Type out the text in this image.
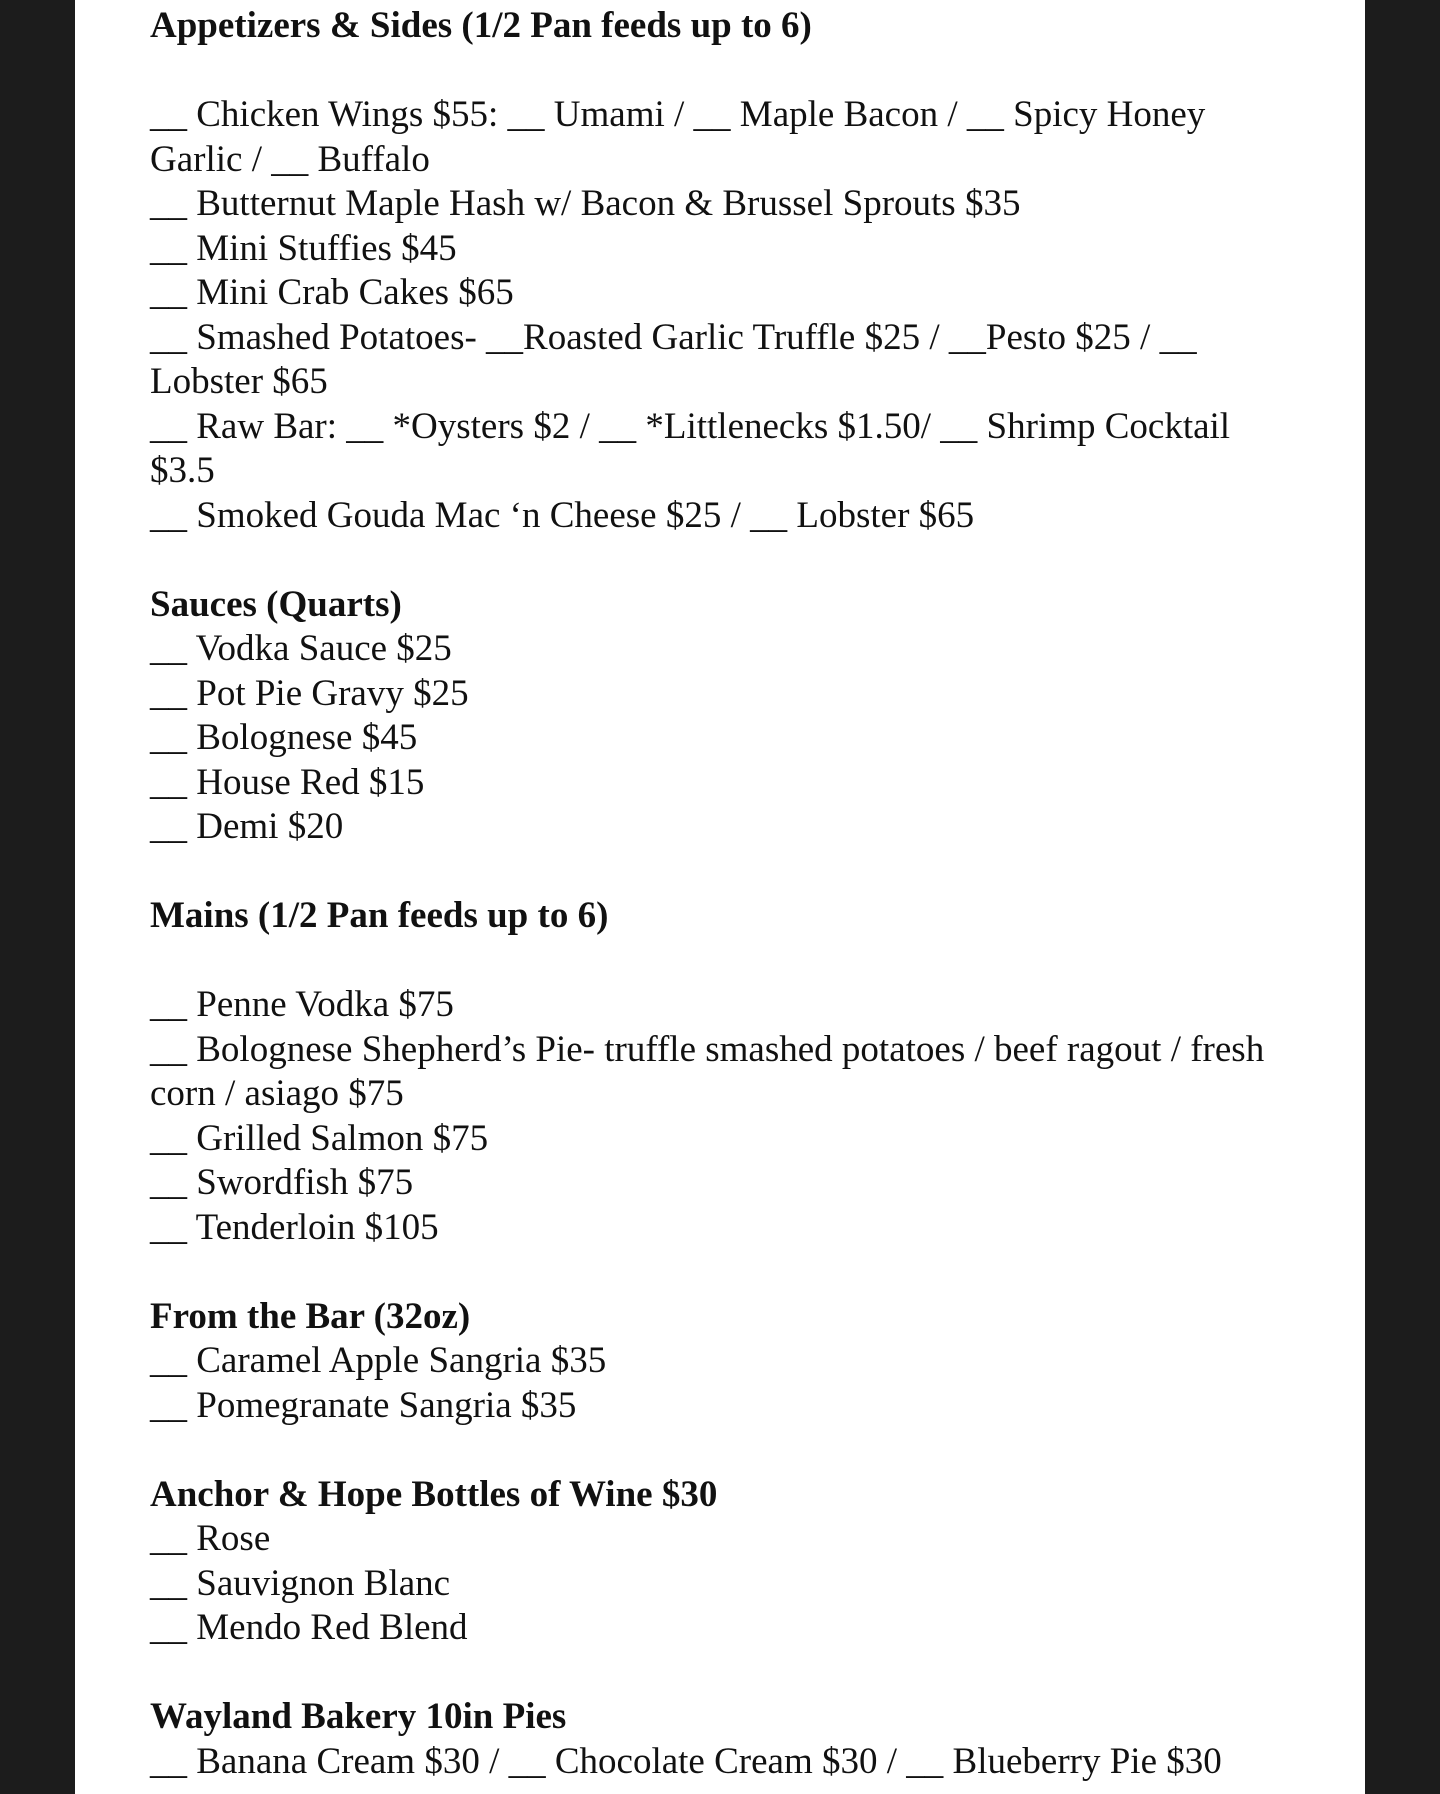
Appetizers & Sides (1/2 Pan feeds up to 6)

__ Chicken Wings $55: __ Umami / __ Maple Bacon / __ Spicy Honey Garlic / __ Buffalo

__ Butternut Maple Hash w/ Bacon & Brussel Sprouts $35

__ Mini Stuffies $45

__ Mini Crab Cakes $65

__ Smashed Potatoes- __Roasted Garlic Truffle $25 / __Pesto $25 / __ Lobster $65

__ Raw Bar: __ *Oysters $2 / __ *Littlenecks $1.50/ __ Shrimp Cocktail $3.5

__ Smoked Gouda Mac ‘n Cheese $25 / __ Lobster $65

Sauces (Quarts)

__ Vodka Sauce $25

__ Pot Pie Gravy $25

__ Bolognese $45

__ House Red $15

__ Demi $20

Mains (1/2 Pan feeds up to 6)

__ Penne Vodka $75

__ Bolognese Shepherd’s Pie- truffle smashed potatoes / beef ragout / fresh corn / asiago $75

__ Grilled Salmon $75

__ Swordfish $75

__ Tenderloin $105

From the Bar (32oz)

__ Caramel Apple Sangria $35

__ Pomegranate Sangria $35

Anchor & Hope Bottles of Wine $30

__ Rose

__ Sauvignon Blanc

__ Mendo Red Blend

Wayland Bakery 10in Pies

__ Banana Cream $30 / __ Chocolate Cream $30 / __ Blueberry Pie $30
